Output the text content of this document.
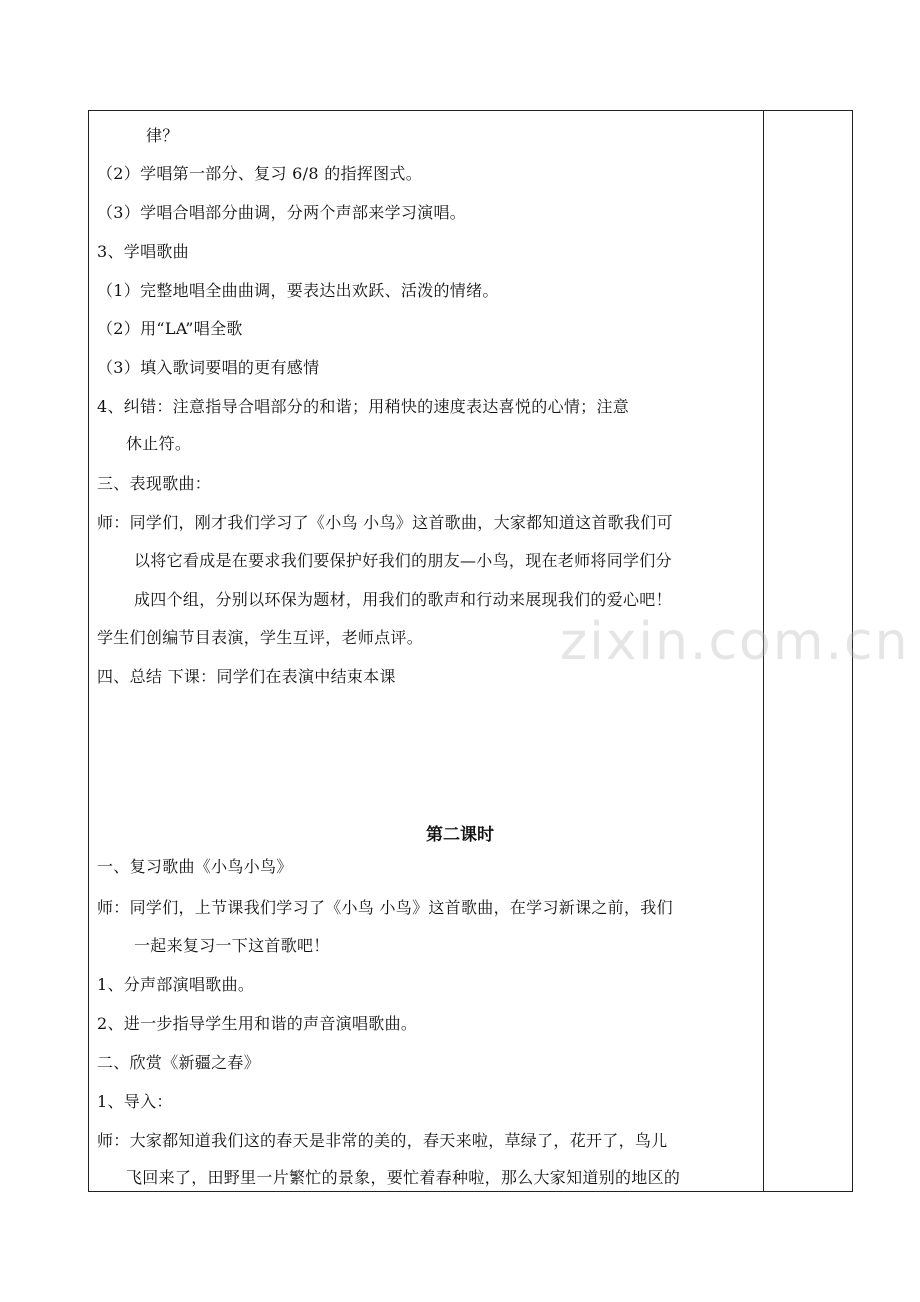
zixin.com.cn
律？
（2）学唱第一部分、复习 6/8 的指挥图式。
（3）学唱合唱部分曲调，分两个声部来学习演唱。
3、学唱歌曲
（1）完整地唱全曲曲调，要表达出欢跃、活泼的情绪。
（2）用“LA”唱全歌
（3）填入歌词要唱的更有感情
4、纠错：注意指导合唱部分的和谐；用稍快的速度表达喜悦的心情；注意
休止符。
三、表现歌曲：
师：同学们，刚才我们学习了《小鸟 小鸟》这首歌曲，大家都知道这首歌我们可
以将它看成是在要求我们要保护好我们的朋友—小鸟，现在老师将同学们分
成四个组，分别以环保为题材，用我们的歌声和行动来展现我们的爱心吧！
学生们创编节目表演，学生互评，老师点评。
四、总结 下课：同学们在表演中结束本课
第二课时
一、复习歌曲《小鸟小鸟》
师：同学们，上节课我们学习了《小鸟 小鸟》这首歌曲，在学习新课之前，我们
一起来复习一下这首歌吧！
1、分声部演唱歌曲。
2、进一步指导学生用和谐的声音演唱歌曲。
二、欣赏《新疆之春》
1、导入：
师：大家都知道我们这的春天是非常的美的，春天来啦，草绿了，花开了，鸟儿
飞回来了，田野里一片繁忙的景象，要忙着春种啦，那么大家知道别的地区的
